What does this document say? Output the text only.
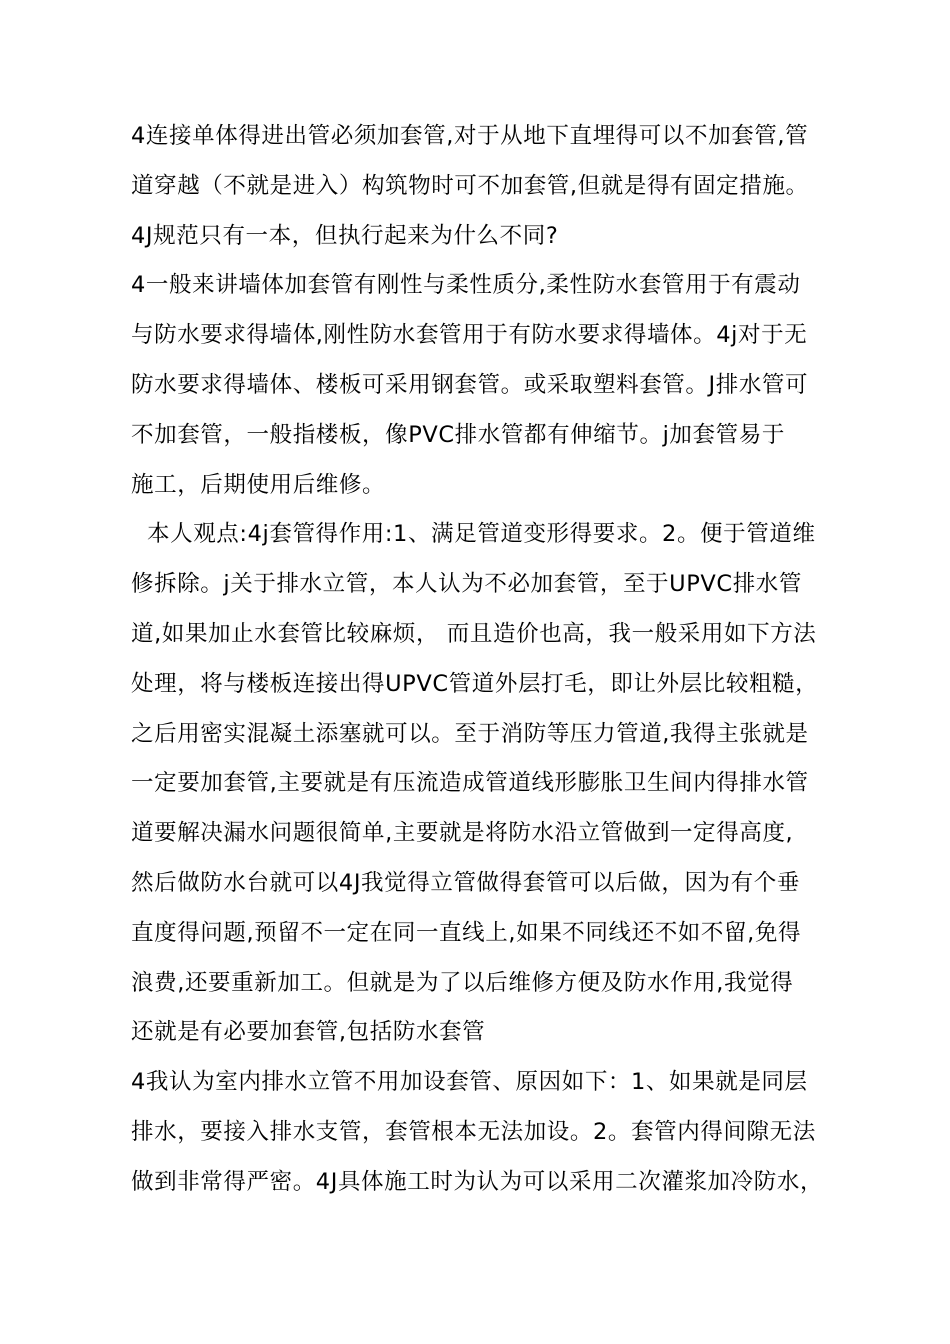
4连接单体得进出管必须加套管,对于从地下直埋得可以不加套管,管
道穿越（不就是进入）构筑物时可不加套管,但就是得有固定措施。
4J规范只有一本，但执行起来为什么不同?
4一般来讲墙体加套管有刚性与柔性质分,柔性防水套管用于有震动
与防水要求得墙体,刚性防水套管用于有防水要求得墙体。4j对于无
防水要求得墙体、楼板可采用钢套管。或采取塑料套管。J排水管可
不加套管，一般指楼板，像PVC排水管都有伸缩节。j加套管易于
施工，后期使用后维修。
本人观点:4j套管得作用:1、满足管道变形得要求。2。便于管道维
修拆除。j关于排水立管，本人认为不必加套管，至于UPVC排水管
道,如果加止水套管比较麻烦， 而且造价也高，我一般采用如下方法
处理，将与楼板连接出得UPVC管道外层打毛，即让外层比较粗糙，
之后用密实混凝土添塞就可以。至于消防等压力管道,我得主张就是
一定要加套管,主要就是有压流造成管道线形膨胀卫生间内得排水管
道要解决漏水问题很简单,主要就是将防水沿立管做到一定得高度,
然后做防水台就可以4J我觉得立管做得套管可以后做，因为有个垂
直度得问题,预留不一定在同一直线上,如果不同线还不如不留,免得
浪费,还要重新加工。但就是为了以后维修方便及防水作用,我觉得
还就是有必要加套管,包括防水套管
4我认为室内排水立管不用加设套管、原因如下：1、如果就是同层
排水，要接入排水支管，套管根本无法加设。2。套管内得间隙无法
做到非常得严密。4J具体施工时为认为可以采用二次灌浆加冷防水，
